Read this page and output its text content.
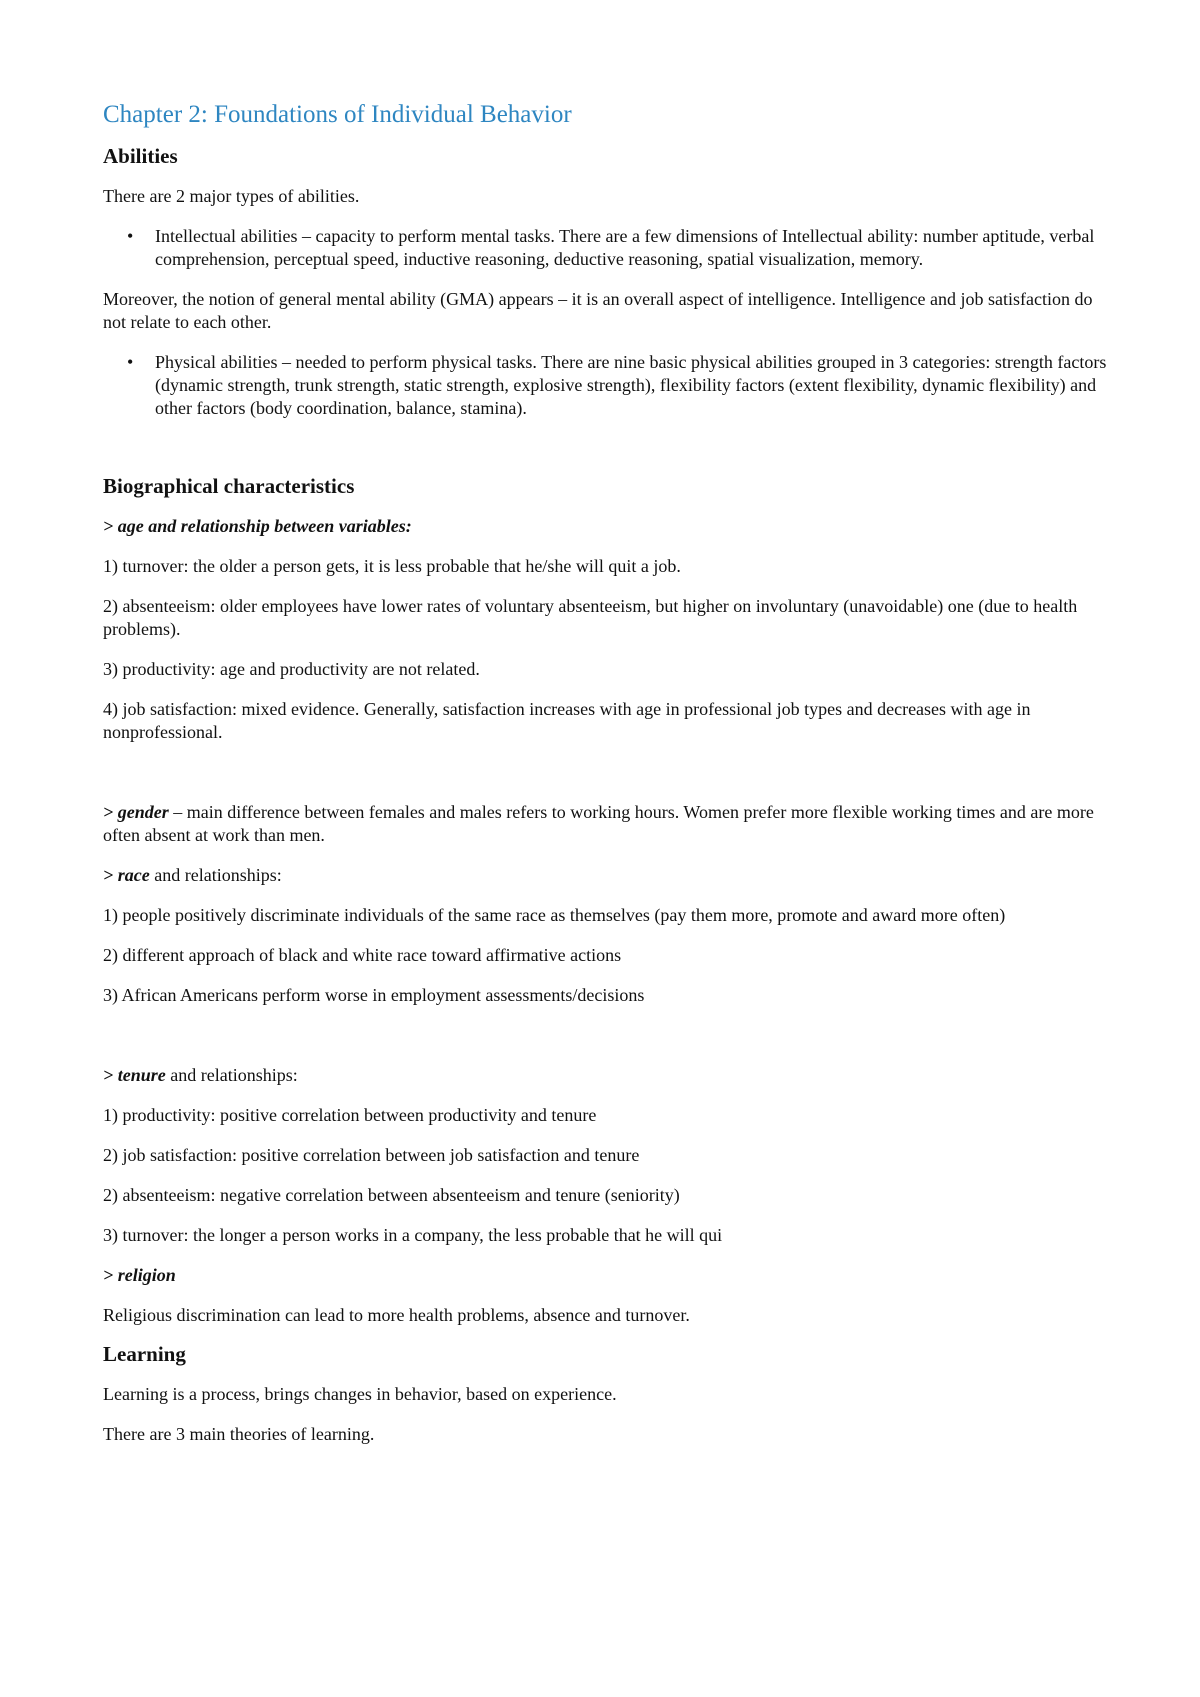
Chapter 2: Foundations of Individual Behavior
Abilities

There are 2 major types of abilities.

• Intellectual abilities – capacity to perform mental tasks. There are a few dimensions of Intellectual ability: number aptitude, verbal comprehension, perceptual speed, inductive reasoning, deductive reasoning, spatial visualization, memory.

Moreover, the notion of general mental ability (GMA) appears – it is an overall aspect of intelligence. Intelligence and job satisfaction do not relate to each other.

• Physical abilities – needed to perform physical tasks. There are nine basic physical abilities grouped in 3 categories: strength factors (dynamic strength, trunk strength, static strength, explosive strength), flexibility factors (extent flexibility, dynamic flexibility) and other factors (body coordination, balance, stamina).
Biographical characteristics

> age and relationship between variables:

1) turnover: the older a person gets, it is less probable that he/she will quit a job.

2) absenteeism: older employees have lower rates of voluntary absenteeism, but higher on involuntary (unavoidable) one (due to health problems).

3) productivity: age and productivity are not related.

4) job satisfaction: mixed evidence. Generally, satisfaction increases with age in professional job types and decreases with age in nonprofessional.

> gender – main difference between females and males refers to working hours. Women prefer more flexible working times and are more often absent at work than men.

> race and relationships:

1) people positively discriminate individuals of the same race as themselves (pay them more, promote and award more often)

2) different approach of black and white race toward affirmative actions

3) African Americans perform worse in employment assessments/decisions

> tenure and relationships:

1) productivity: positive correlation between productivity and tenure

2) job satisfaction: positive correlation between job satisfaction and tenure

2) absenteeism: negative correlation between absenteeism and tenure (seniority)

3) turnover: the longer a person works in a company, the less probable that he will qui

> religion

Religious discrimination can lead to more health problems, absence and turnover.

Learning

Learning is a process, brings changes in behavior, based on experience.

There are 3 main theories of learning.
